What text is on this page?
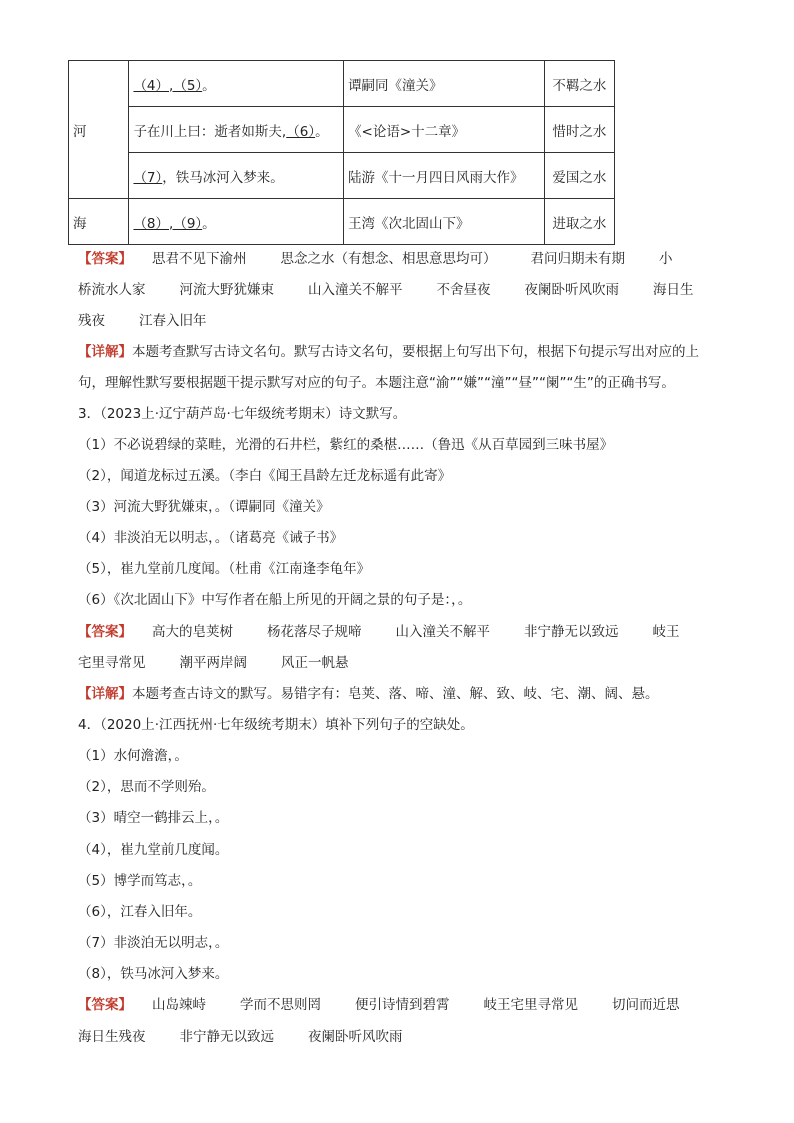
河	（4）,（5）。	谭嗣同《潼关》	不羁之水
	子在川上曰：逝者如斯夫,（6）。	《<论语>十二章》	惜时之水
	（7），铁马冰河入梦来。	陆游《十一月四日风雨大作》	爱国之水
海	（8）,（9）。	王湾《次北固山下》	进取之水
【答案】 思君不见下渝州	思念之水（有想念、相思意思均可）	君问归期未有期	小
桥流水人家	河流大野犹嫌束	山入潼关不解平	不舍昼夜	夜阑卧听风吹雨	海日生
残夜	江春入旧年
【详解】本题考查默写古诗文名句。默写古诗文名句，要根据上句写出下句，根据下句提示写出对应的上
句，理解性默写要根据题干提示默写对应的句子。本题注意“渝”“嫌”“潼”“昼”“阑”“生”的正确书写。
3．（2023上·辽宁葫芦岛·七年级统考期末）诗文默写。
（1）不必说碧绿的菜畦，光滑的石井栏，紫红的桑椹……（鲁迅《从百草园到三味书屋》
（2），闻道龙标过五溪。（李白《闻王昌龄左迁龙标遥有此寄》
（3）河流大野犹嫌束，。（谭嗣同《潼关》
（4）非淡泊无以明志，。（诸葛亮《诫子书》
（5），崔九堂前几度闻。（杜甫《江南逢李龟年》
（6）《次北固山下》中写作者在船上所见的开阔之景的句子是：，。
【答案】 高大的皂荚树	杨花落尽子规啼	山入潼关不解平	非宁静无以致远	岐王
宅里寻常见	潮平两岸阔	风正一帆悬
【详解】本题考查古诗文的默写。易错字有：皂荚、落、啼、潼、解、致、岐、宅、潮、阔、悬。
4．（2020上·江西抚州·七年级统考期末）填补下列句子的空缺处。
（1）水何澹澹，。
（2），思而不学则殆。
（3）晴空一鹤排云上，。
（4），崔九堂前几度闻。
（5）博学而笃志，。
（6），江春入旧年。
（7）非淡泊无以明志，。
（8），铁马冰河入梦来。
【答案】 山岛竦峙	学而不思则罔	便引诗情到碧霄	岐王宅里寻常见	切问而近思
海日生残夜	非宁静无以致远	夜阑卧听风吹雨
